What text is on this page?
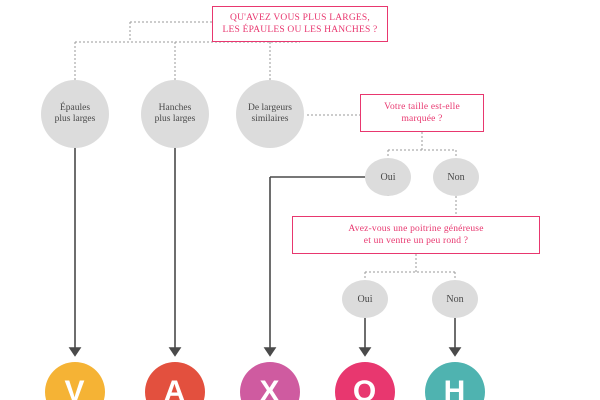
QU'AVEZ VOUS PLUS LARGES,
LES ÉPAULES OU LES HANCHES ?
Épaules
plus larges
Hanches
plus larges
De largeurs
similaires
Votre taille est-elle
marquée ?
Oui	Non
Avez-vous une poitrine généreuse
et un ventre un peu rond ?
Oui	Non
V	A X O H
